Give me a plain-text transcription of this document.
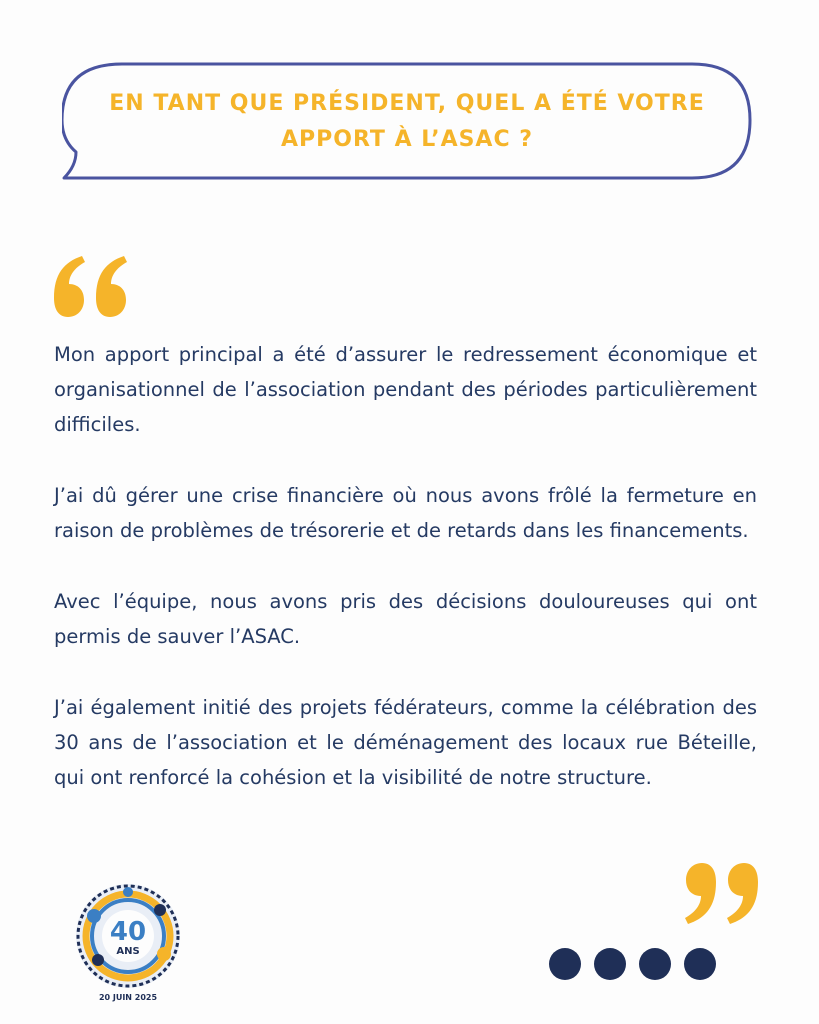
EN TANT QUE PRÉSIDENT, QUEL A ÉTÉ VOTRE APPORT À L’ASAC ?

Mon apport principal a été d’assurer le redressement économique et organisationnel de l’association pendant des périodes particulièrement difficiles.

J’ai dû gérer une crise financière où nous avons frôlé la fermeture en raison de problèmes de trésorerie et de retards dans les financements.

Avec l’équipe, nous avons pris des décisions douloureuses qui ont permis de sauver l’ASAC.

J’ai également initié des projets fédérateurs, comme la célébration des 30 ans de l’association et le déménagement des locaux rue Béteille, qui ont renforcé la cohésion et la visibilité de notre structure.

40
ANS
20 JUIN 2025
